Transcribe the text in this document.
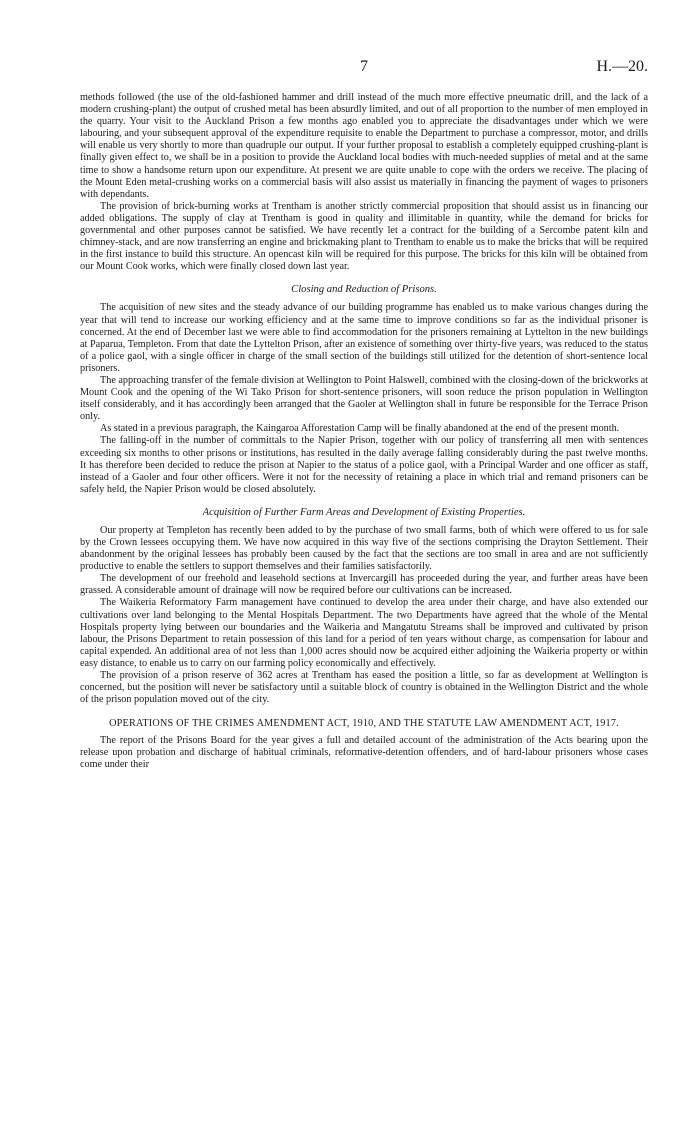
7	H.—20.

methods followed (the use of the old-fashioned hammer and drill instead of the much more effective pneumatic drill, and the lack of a modern crushing-plant) the output of crushed metal has been absurdly limited, and out of all proportion to the number of men employed in the quarry. Your visit to the Auckland Prison a few months ago enabled you to appreciate the disadvantages under which we were labouring, and your subsequent approval of the expenditure requisite to enable the Department to purchase a compressor, motor, and drills will enable us very shortly to more than quadruple our output. If your further proposal to establish a completely equipped crushing-plant is finally given effect to, we shall be in a position to provide the Auckland local bodies with much-needed supplies of metal and at the same time to show a handsome return upon our expenditure. At present we are quite unable to cope with the orders we receive. The placing of the Mount Eden metal-crushing works on a commercial basis will also assist us materially in financing the payment of wages to prisoners with dependants.

The provision of brick-burning works at Trentham is another strictly commercial proposition that should assist us in financing our added obligations. The supply of clay at Trentham is good in quality and illimitable in quantity, while the demand for bricks for governmental and other purposes cannot be satisfied. We have recently let a contract for the building of a Sercombe patent kiln and chimney-stack, and are now transferring an engine and brickmaking plant to Trentham to enable us to make the bricks that will be required in the first instance to build this structure. An opencast kiln will be required for this purpose. The bricks for this kiln will be obtained from our Mount Cook works, which were finally closed down last year.

Closing and Reduction of Prisons.

The acquisition of new sites and the steady advance of our building programme has enabled us to make various changes during the year that will tend to increase our working efficiency and at the same time to improve conditions so far as the individual prisoner is concerned. At the end of December last we were able to find accommodation for the prisoners remaining at Lyttelton in the new buildings at Paparua, Templeton. From that date the Lyttelton Prison, after an existence of something over thirty-five years, was reduced to the status of a police gaol, with a single officer in charge of the small section of the buildings still utilized for the detention of short-sentence local prisoners.

The approaching transfer of the female division at Wellington to Point Halswell, combined with the closing-down of the brickworks at Mount Cook and the opening of the Wi Tako Prison for short-sentence prisoners, will soon reduce the prison population in Wellington itself considerably, and it has accordingly been arranged that the Gaoler at Wellington shall in future be responsible for the Terrace Prison only.

As stated in a previous paragraph, the Kaingaroa Afforestation Camp will be finally abandoned at the end of the present month.

The falling-off in the number of committals to the Napier Prison, together with our policy of transferring all men with sentences exceeding six months to other prisons or institutions, has resulted in the daily average falling considerably during the past twelve months. It has therefore been decided to reduce the prison at Napier to the status of a police gaol, with a Principal Warder and one officer as staff, instead of a Gaoler and four other officers. Were it not for the necessity of retaining a place in which trial and remand prisoners can be safely held, the Napier Prison would be closed absolutely.

Acquisition of Further Farm Areas and Development of Existing Properties.

Our property at Templeton has recently been added to by the purchase of two small farms, both of which were offered to us for sale by the Crown lessees occupying them. We have now acquired in this way five of the sections comprising the Drayton Settlement. Their abandonment by the original lessees has probably been caused by the fact that the sections are too small in area and are not sufficiently productive to enable the settlers to support themselves and their families satisfactorily.

The development of our freehold and leasehold sections at Invercargill has proceeded during the year, and further areas have been grassed. A considerable amount of drainage will now be required before our cultivations can be increased.

The Waikeria Reformatory Farm management have continued to develop the area under their charge, and have also extended our cultivations over land belonging to the Mental Hospitals Department. The two Departments have agreed that the whole of the Mental Hospitals property lying between our boundaries and the Waikeria and Mangatutu Streams shall be improved and cultivated by prison labour, the Prisons Department to retain possession of this land for a period of ten years without charge, as compensation for labour and capital expended. An additional area of not less than 1,000 acres should now be acquired either adjoining the Waikeria property or within easy distance, to enable us to carry on our farming policy economically and effectively.

The provision of a prison reserve of 362 acres at Trentham has eased the position a little, so far as development at Wellington is concerned, but the position will never be satisfactory until a suitable block of country is obtained in the Wellington District and the whole of the prison population moved out of the city.

OPERATIONS OF THE CRIMES AMENDMENT ACT, 1910, AND THE STATUTE LAW AMENDMENT ACT, 1917.

The report of the Prisons Board for the year gives a full and detailed account of the administration of the Acts bearing upon the release upon probation and discharge of habitual criminals, reformative-detention offenders, and of hard-labour prisoners whose cases come under their
